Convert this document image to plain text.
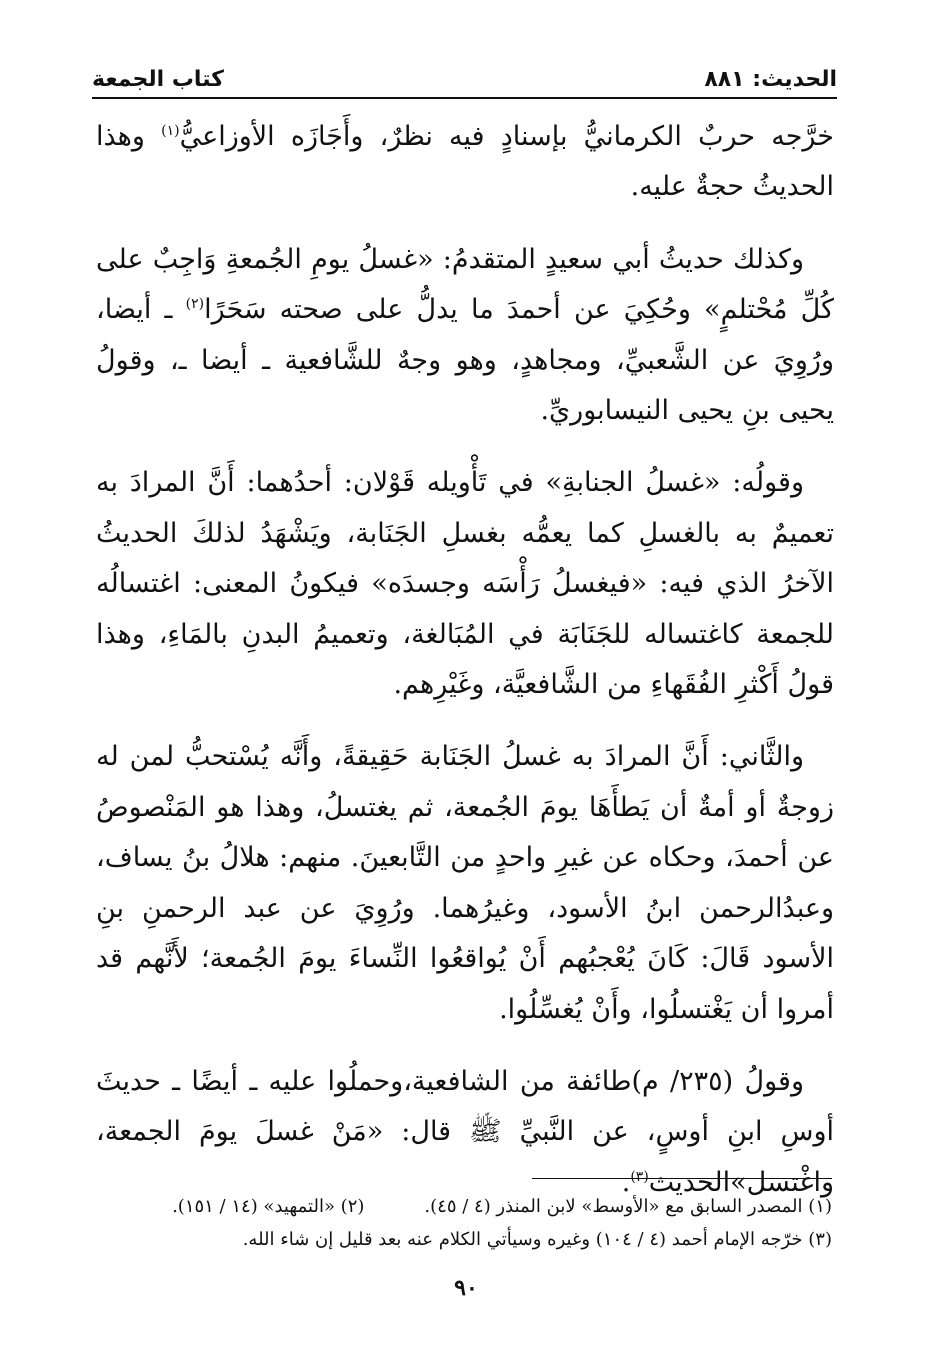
الحديث: ٨٨١
كتاب الجمعة

خرَّجه حربٌ الكرمانيُّ بإسنادٍ فيه نظرٌ، وأَجَازَه الأوزاعيُّ$^{(١)}$ وهذا الحديثُ حجةٌ عليه.

وكذلك حديثُ أبي سعيدٍ المتقدمُ: «غسلُ يومِ الجُمعةِ وَاجِبٌ على كُلِّ مُحْتلمٍ» وحُكِيَ عن أحمدَ ما يدلُّ على صحته سَحَرًا$^{(٢)}$ ـ أيضا، ورُوِيَ عن الشَّعبيِّ، ومجاهدٍ، وهو وجهٌ للشَّافعية ـ أيضا ـ، وقولُ يحيى بنِ يحيى النيسابوريِّ.

وقولُه: «غسلُ الجنابةِ» في تَأْويله قَوْلان: أحدُهما: أَنَّ المرادَ به تعميمٌ به بالغسلِ كما يعمُّه بغسلِ الجَنَابة، ويَشْهَدُ لذلكَ الحديثُ الآخرُ الذي فيه: «فيغسلُ رَأْسَه وجسدَه» فيكونُ المعنى: اغتسالُه للجمعة كاغتساله للجَنَابَة في المُبَالغة، وتعميمُ البدنِ بالمَاءِ، وهذا قولُ أَكْثرِ الفُقَهاءِ من الشَّافعيَّة، وغَيْرِهم.

والثَّاني: أَنَّ المرادَ به غسلُ الجَنَابة حَقِيقةً، وأَنَّه يُسْتحبُّ لمن له زوجةٌ أو أمةٌ أن يَطأَهَا يومَ الجُمعة، ثم يغتسلُ، وهذا هو المَنْصوصُ عن أحمدَ، وحكاه عن غيرِ واحدٍ من التَّابعينَ. منهم: هلالُ بنُ يساف، وعبدُالرحمن ابنُ الأسود، وغيرُهما. ورُوِيَ عن عبد الرحمنِ بنِ الأسود قَالَ: كَانَ يُعْجبُهم أَنْ يُواقعُوا النِّساءَ يومَ الجُمعة؛ لأَنَّهم قد أمروا أن يَغْتسلُوا، وأَنْ يُغسِّلُوا.

وقولُ (٢٣٥/ م)طائفة من الشافعية،وحملُوا عليه ـ أيضًا ـ حديثَ أوسِ ابنِ أوسٍ، عن النَّبيِّ ﷺ قال: «مَنْ غسلَ يومَ الجمعة، واغْتسل»الحديث$^{(٣)}$.

(١) المصدر السابق مع «الأوسط» لابن المنذر (٤ / ٤٥).
(٢) «التمهيد» (١٤ / ١٥١).
(٣) خرّجه الإمام أحمد (٤ / ١٠٤) وغيره وسيأتي الكلام عنه بعد قليل إن شاء الله.
٩٠
